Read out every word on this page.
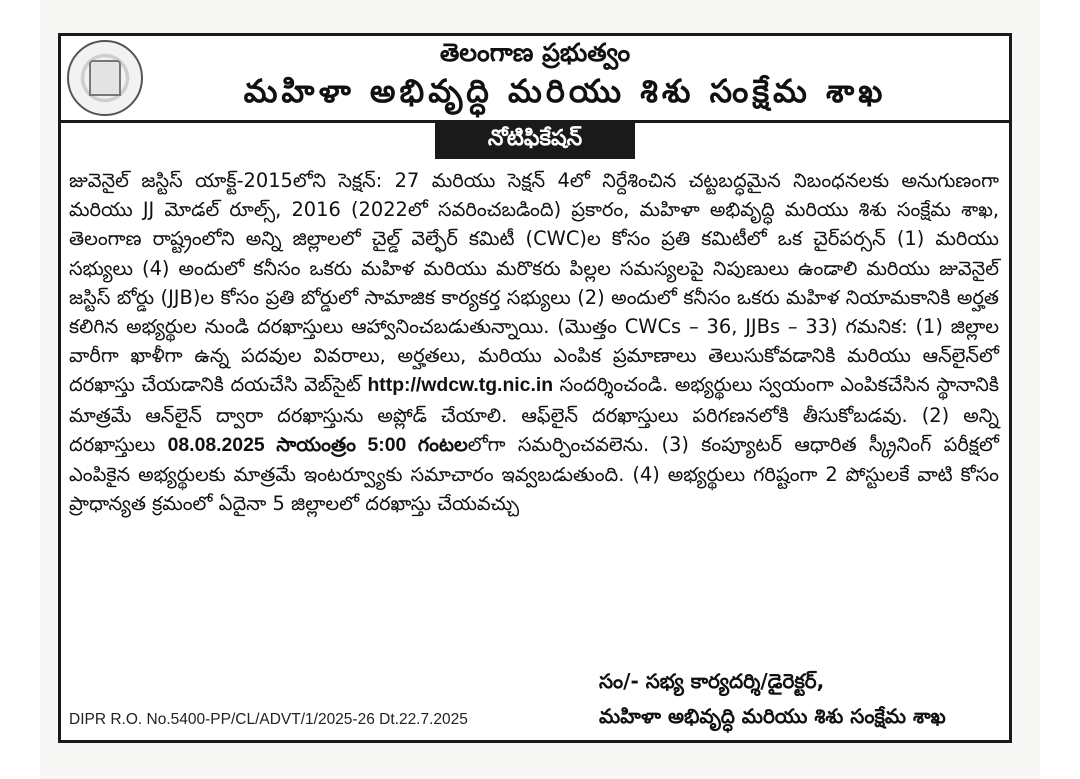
తెలంగాణ ప్రభుత్వం
మహిళా అభివృద్ధి మరియు శిశు సంక్షేమ శాఖ
నోటిఫికేషన్

జువెనైల్ జస్టిస్ యాక్ట్-2015లోని సెక్షన్: 27 మరియు సెక్షన్ 4లో నిర్దేశించిన చట్టబద్ధమైన నిబంధనలకు అనుగుణంగా మరియు JJ మోడల్ రూల్స్, 2016 (2022లో సవరించబడింది) ప్రకారం, మహిళా అభివృద్ధి మరియు శిశు సంక్షేమ శాఖ, తెలంగాణ రాష్ట్రంలోని అన్ని జిల్లాలలో చైల్డ్ వెల్ఫేర్ కమిటీ (CWC)ల కోసం ప్రతి కమిటీలో ఒక చైర్‌పర్సన్ (1) మరియు సభ్యులు (4) అందులో కనీసం ఒకరు మహిళ మరియు మరొకరు పిల్లల సమస్యలపై నిపుణులు ఉండాలి మరియు జువెనైల్ జస్టిస్ బోర్డు (JJB)ల కోసం ప్రతి బోర్డులో సామాజిక కార్యకర్త సభ్యులు (2) అందులో కనీసం ఒకరు మహిళ నియామకానికి అర్హత కలిగిన అభ్యర్థుల నుండి దరఖాస్తులు ఆహ్వానించబడుతున్నాయి. (మొత్తం CWCs – 36, JJBs – 33) గమనిక: (1) జిల్లాల వారీగా ఖాళీగా ఉన్న పదవుల వివరాలు, అర్హతలు, మరియు ఎంపిక ప్రమాణాలు తెలుసుకోవడానికి మరియు ఆన్‌లైన్‌లో దరఖాస్తు చేయడానికి దయచేసి వెబ్‌సైట్ http://wdcw.tg.nic.in సందర్శించండి. అభ్యర్థులు స్వయంగా ఎంపికచేసిన స్థానానికి మాత్రమే ఆన్‌లైన్ ద్వారా దరఖాస్తును అప్లోడ్ చేయాలి. ఆఫ్‌లైన్ దరఖాస్తులు పరిగణనలోకి తీసుకోబడవు. (2) అన్ని దరఖాస్తులు 08.08.2025 సాయంత్రం 5:00 గంటలలోగా సమర్పించవలెను. (3) కంప్యూటర్ ఆధారిత స్క్రీనింగ్ పరీక్షలో ఎంపికైన అభ్యర్థులకు మాత్రమే ఇంటర్వ్యూకు సమాచారం ఇవ్వబడుతుంది. (4) అభ్యర్థులు గరిష్టంగా 2 పోస్టులకే వాటి కోసం ప్రాధాన్యత క్రమంలో ఏదైనా 5 జిల్లాలలో దరఖాస్తు చేయవచ్చు

సం/- సభ్య కార్యదర్శి/డైరెక్టర్,
DIPR R.O. No.5400-PP/CL/ADVT/1/2025-26 Dt.22.7.2025	మహిళా అభివృద్ధి మరియు శిశు సంక్షేమ శాఖ
